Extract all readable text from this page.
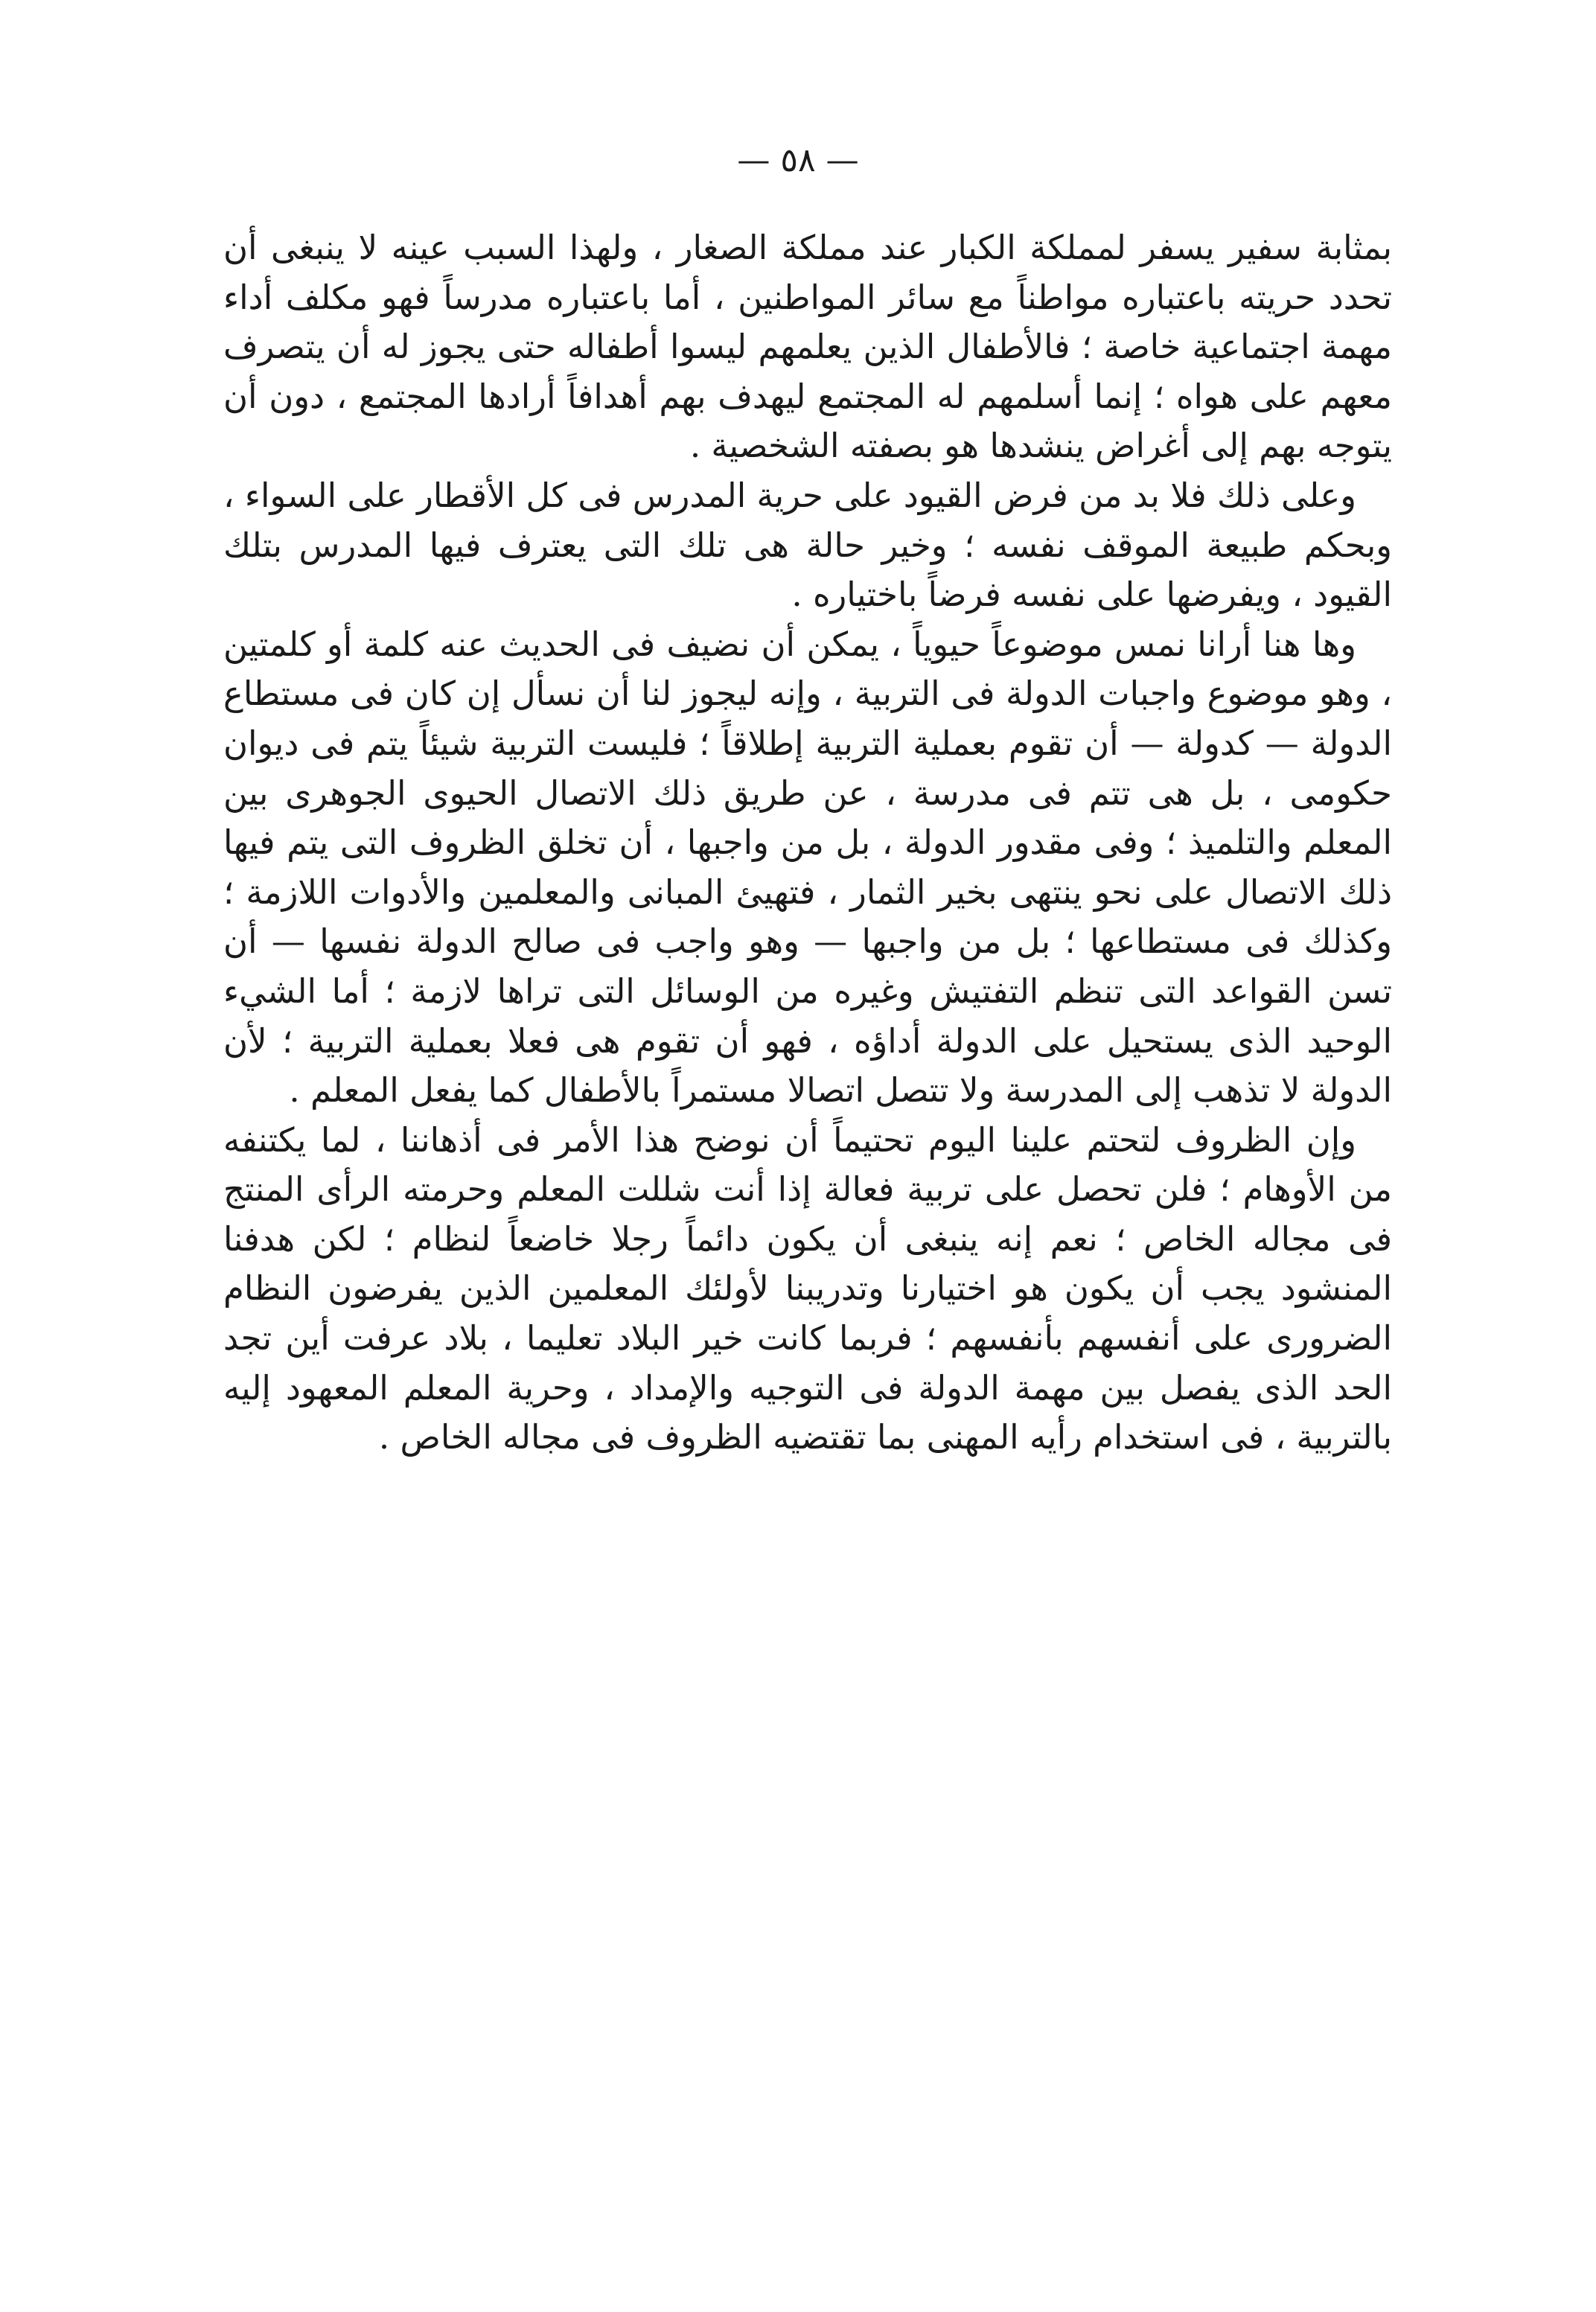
— ٥٨ —

بمثابة سفير يسفر لمملكة الكبار عند مملكة الصغار ، ولهذا السبب عينه لا ينبغى أن تحدد حريته باعتباره مواطناً مع سائر المواطنين ، أما باعتباره مدرساً فهو مكلف أداء مهمة اجتماعية خاصة ؛ فالأطفال الذين يعلمهم ليسوا أطفاله حتى يجوز له أن يتصرف معهم على هواه ؛ إنما أسلمهم له المجتمع ليهدف بهم أهدافاً أرادها المجتمع ، دون أن يتوجه بهم إلى أغراض ينشدها هو بصفته الشخصية .

وعلى ذلك فلا بد من فرض القيود على حرية المدرس فى كل الأقطار على السواء ، وبحكم طبيعة الموقف نفسه ؛ وخير حالة هى تلك التى يعترف فيها المدرس بتلك القيود ، ويفرضها على نفسه فرضاً باختياره .

وها هنا أرانا نمس موضوعاً حيوياً ، يمكن أن نضيف فى الحديث عنه كلمة أو كلمتين ، وهو موضوع واجبات الدولة فى التربية ، وإنه ليجوز لنا أن نسأل إن كان فى مستطاع الدولة — كدولة — أن تقوم بعملية التربية إطلاقاً ؛ فليست التربية شيئاً يتم فى ديوان حكومى ، بل هى تتم فى مدرسة ، عن طريق ذلك الاتصال الحيوى الجوهرى بين المعلم والتلميذ ؛ وفى مقدور الدولة ، بل من واجبها ، أن تخلق الظروف التى يتم فيها ذلك الاتصال على نحو ينتهى بخير الثمار ، فتهيئ المبانى والمعلمين والأدوات اللازمة ؛ وكذلك فى مستطاعها ؛ بل من واجبها — وهو واجب فى صالح الدولة نفسها — أن تسن القواعد التى تنظم التفتيش وغيره من الوسائل التى تراها لازمة ؛ أما الشيء الوحيد الذى يستحيل على الدولة أداؤه ، فهو أن تقوم هى فعلا بعملية التربية ؛ لأن الدولة لا تذهب إلى المدرسة ولا تتصل اتصالا مستمراً بالأطفال كما يفعل المعلم .

وإن الظروف لتحتم علينا اليوم تحتيماً أن نوضح هذا الأمر فى أذهاننا ، لما يكتنفه من الأوهام ؛ فلن تحصل على تربية فعالة إذا أنت شللت المعلم وحرمته الرأى المنتج فى مجاله الخاص ؛ نعم إنه ينبغى أن يكون دائماً رجلا خاضعاً لنظام ؛ لكن هدفنا المنشود يجب أن يكون هو اختيارنا وتدريبنا لأولئك المعلمين الذين يفرضون النظام الضرورى على أنفسهم بأنفسهم ؛ فربما كانت خير البلاد تعليما ، بلاد عرفت أين تجد الحد الذى يفصل بين مهمة الدولة فى التوجيه والإمداد ، وحرية المعلم المعهود إليه بالتربية ، فى استخدام رأيه المهنى بما تقتضيه الظروف فى مجاله الخاص .
